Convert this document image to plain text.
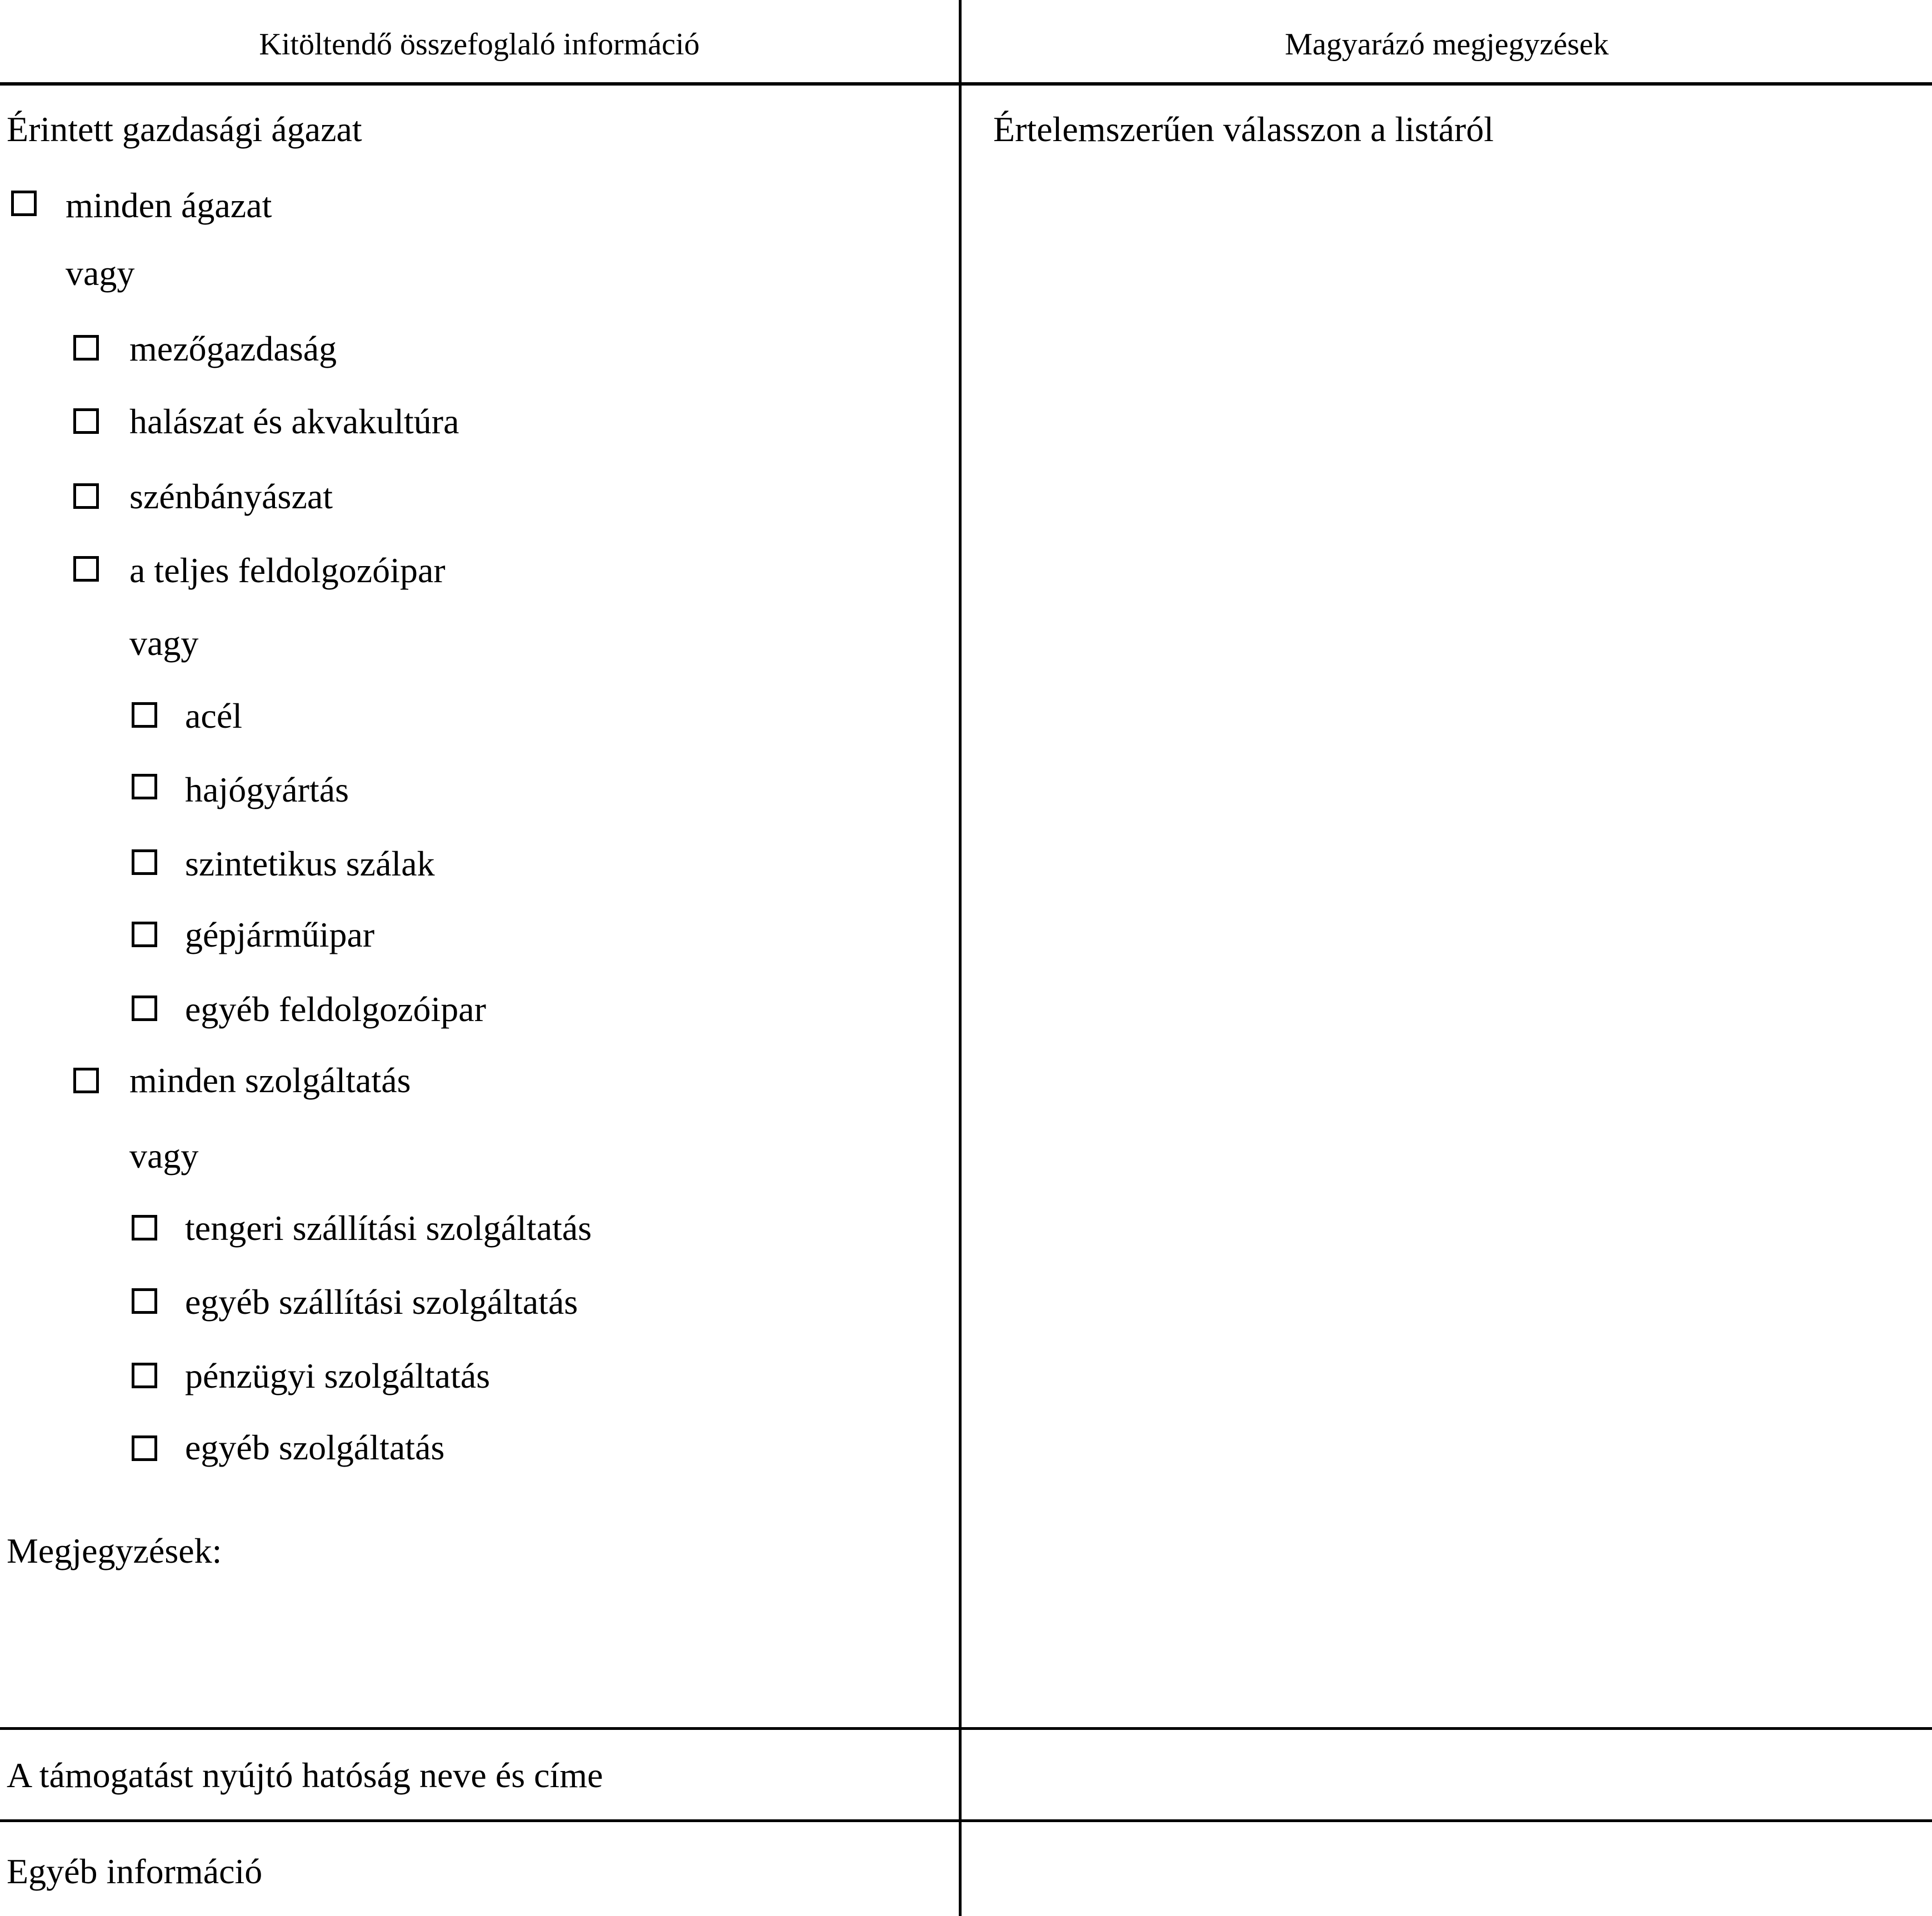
Kitöltendő összefoglaló információ	Magyarázó megjegyzések
Érintett gazdasági ágazat	Értelemszerűen válasszon a listáról
minden ágazat
vagy
mezőgazdaság
halászat és akvakultúra
szénbányászat
a teljes feldolgozóipar
vagy
acél
hajógyártás
szintetikus szálak
gépjárműipar
egyéb feldolgozóipar
minden szolgáltatás
vagy
tengeri szállítási szolgáltatás
egyéb szállítási szolgáltatás
pénzügyi szolgáltatás
egyéb szolgáltatás
Megjegyzések:
A támogatást nyújtó hatóság neve és címe
Egyéb információ
